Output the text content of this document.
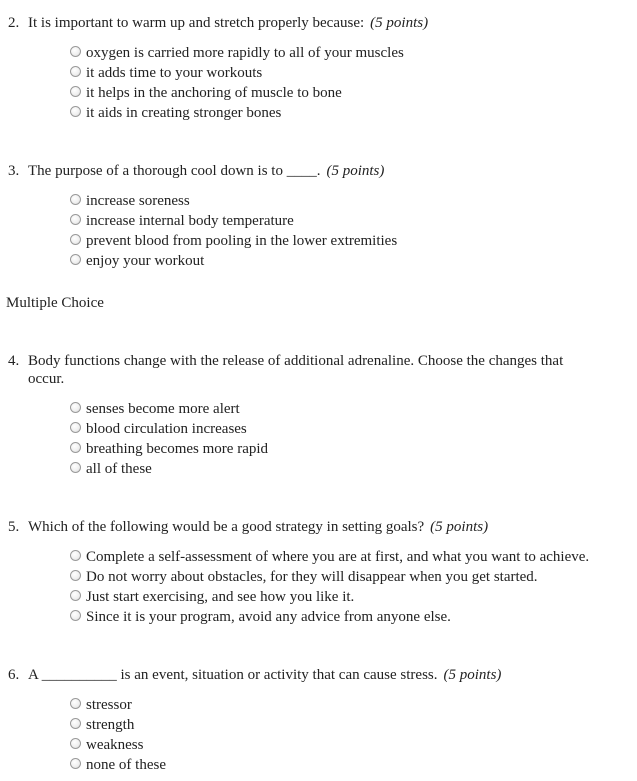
2. It is important to warm up and stretch properly because: (5 points)
oxygen is carried more rapidly to all of your muscles
it adds time to your workouts
it helps in the anchoring of muscle to bone
it aids in creating stronger bones
3. The purpose of a thorough cool down is to ____. (5 points)
increase soreness
increase internal body temperature
prevent blood from pooling in the lower extremities
enjoy your workout
Multiple Choice
4. Body functions change with the release of additional adrenaline. Choose the changes that
occur.
senses become more alert
blood circulation increases
breathing becomes more rapid
all of these
5. Which of the following would be a good strategy in setting goals? (5 points)
Complete a self-assessment of where you are at first, and what you want to achieve.
Do not worry about obstacles, for they will disappear when you get started.
Just start exercising, and see how you like it.
Since it is your program, avoid any advice from anyone else.
6. A __________ is an event, situation or activity that can cause stress. (5 points)
stressor
strength
weakness
none of these
